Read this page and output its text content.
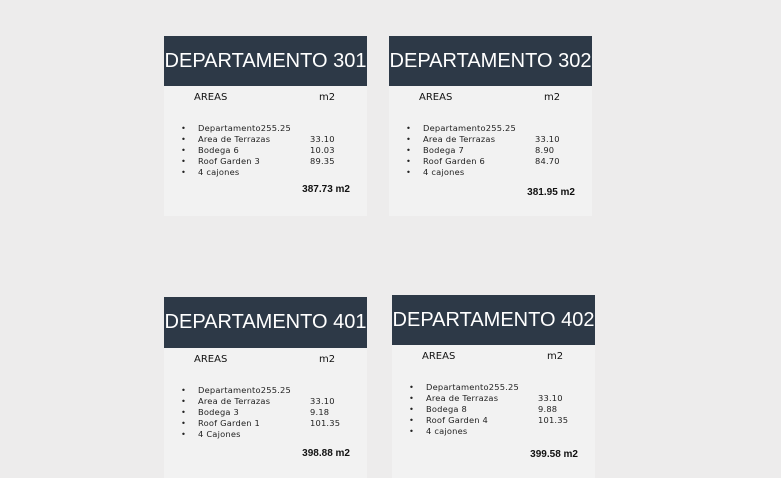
DEPARTAMENTO 301
AREAS	m2
• Departamento255.25
• Area de Terrazas	33.10
• Bodega 6	10.03
• Roof Garden 3	89.35
• 4 cajones
387.73 m2
DEPARTAMENTO 302
AREAS	m2
• Departamento255.25
• Area de Terrazas	33.10
• Bodega 7	8.90
• Roof Garden 6	84.70
• 4 cajones
381.95 m2
DEPARTAMENTO 401
AREAS	m2
• Departamento255.25
• Area de Terrazas	33.10
• Bodega 3	9.18
• Roof Garden 1	101.35
• 4 Cajones
398.88 m2
DEPARTAMENTO 402
AREAS	m2
• Departamento255.25
• Area de Terrazas	33.10
• Bodega 8	9.88
• Roof Garden 4	101.35
• 4 cajones
399.58 m2
